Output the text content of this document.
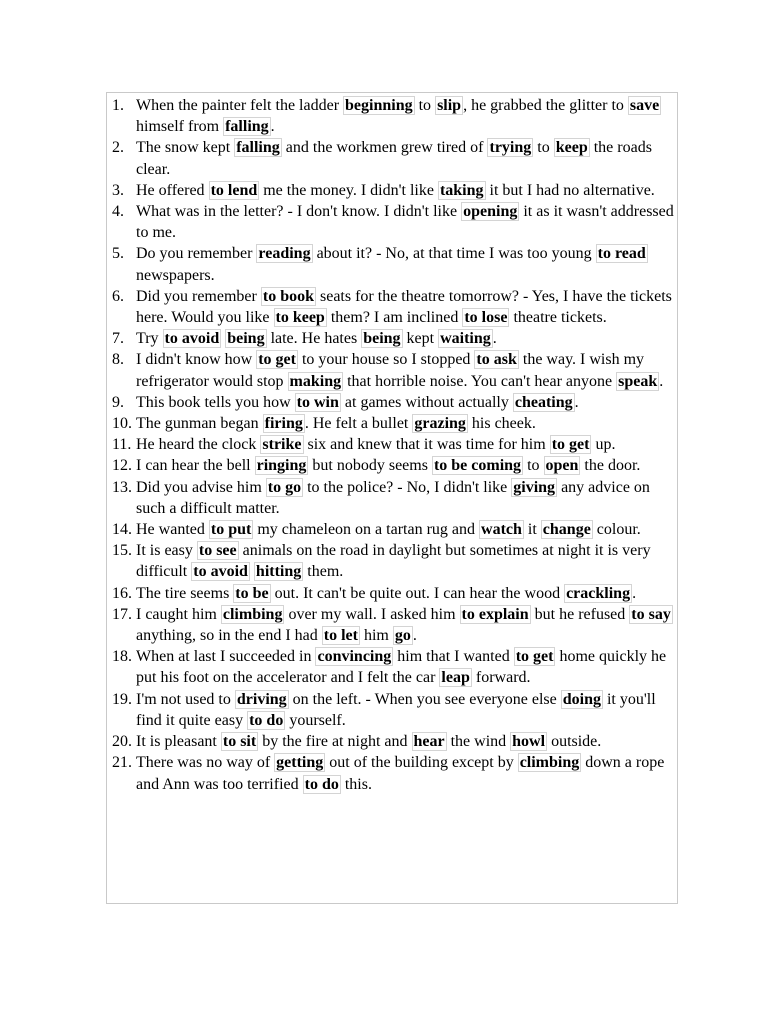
1. When the painter felt the ladder beginning to slip , he grabbed the glitter to save himself from falling .
2. The snow kept falling and the workmen grew tired of trying to keep the roads clear.
3. He offered to lend me the money. I didn't like taking it but I had no alternative.
4. What was in the letter? - I don't know. I didn't like opening it as it wasn't addressed to me.
5. Do you remember reading about it? - No, at that time I was too young to read newspapers.
6. Did you remember to book seats for the theatre tomorrow? - Yes, I have the tickets here. Would you like to keep them? I am inclined to lose theatre tickets.
7. Try to avoid being late. He hates being kept waiting .
8. I didn't know how to get to your house so I stopped to ask the way. I wish my refrigerator would stop making that horrible noise. You can't hear anyone speak .
9. This book tells you how to win at games without actually cheating .
10. The gunman began firing . He felt a bullet grazing his cheek.
11. He heard the clock strike six and knew that it was time for him to get up.
12. I can hear the bell ringing but nobody seems to be coming to open the door.
13. Did you advise him to go to the police? - No, I didn't like giving any advice on such a difficult matter.
14. He wanted to put my chameleon on a tartan rug and watch it change colour.
15. It is easy to see animals on the road in daylight but sometimes at night it is very difficult to avoid hitting them.
16. The tire seems to be out. It can't be quite out. I can hear the wood crackling .
17. I caught him climbing over my wall. I asked him to explain but he refused to say anything, so in the end I had to let him go .
18. When at last I succeeded in convincing him that I wanted to get home quickly he put his foot on the accelerator and I felt the car leap forward.
19. I'm not used to driving on the left. - When you see everyone else doing it you'll find it quite easy to do yourself.
20. It is pleasant to sit by the fire at night and hear the wind howl outside.
21. There was no way of getting out of the building except by climbing down a rope and Ann was too terrified to do this.
